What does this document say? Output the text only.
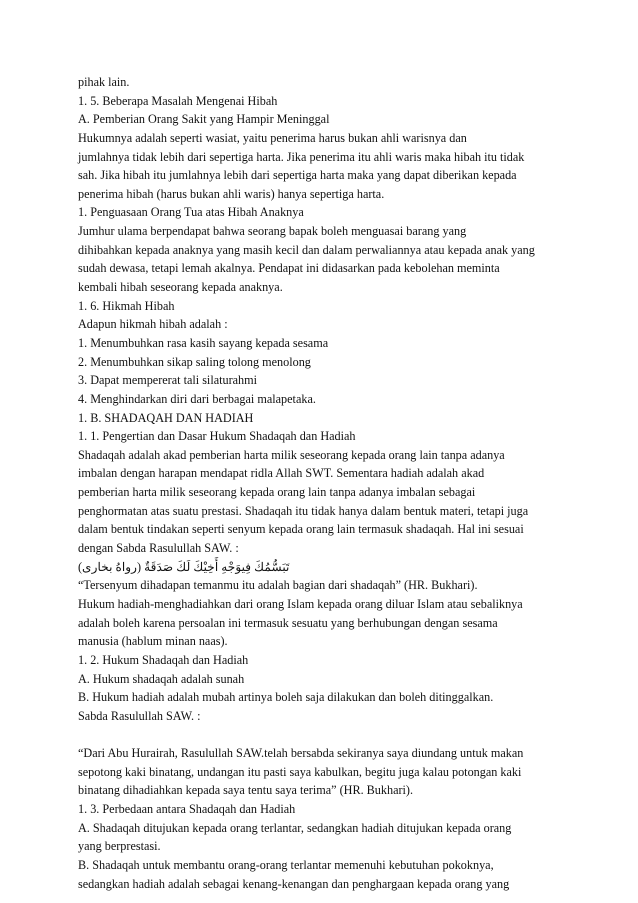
pihak lain.
1. 5. Beberapa Masalah Mengenai Hibah
A. Pemberian Orang Sakit yang Hampir Meninggal
Hukumnya adalah seperti wasiat, yaitu penerima harus bukan ahli warisnya dan
jumlahnya tidak lebih dari sepertiga harta. Jika penerima itu ahli waris maka hibah itu tidak
sah. Jika hibah itu jumlahnya lebih dari sepertiga harta maka yang dapat diberikan kepada
penerima hibah (harus bukan ahli waris) hanya sepertiga harta.
1. Penguasaan Orang Tua atas Hibah Anaknya
Jumhur ulama berpendapat bahwa seorang bapak boleh menguasai barang yang
dihibahkan kepada anaknya yang masih kecil dan dalam perwaliannya atau kepada anak yang
sudah dewasa, tetapi lemah akalnya. Pendapat ini didasarkan pada kebolehan meminta
kembali hibah seseorang kepada anaknya.
1. 6. Hikmah Hibah
Adapun hikmah hibah adalah :
1. Menumbuhkan rasa kasih sayang kepada sesama
2. Menumbuhkan sikap saling tolong menolong
3. Dapat mempererat tali silaturahmi
4. Menghindarkan diri dari berbagai malapetaka.
1. B. SHADAQAH DAN HADIAH
1. 1. Pengertian dan Dasar Hukum Shadaqah dan Hadiah
Shadaqah adalah akad pemberian harta milik seseorang kepada orang lain tanpa adanya
imbalan dengan harapan mendapat ridla Allah SWT. Sementara hadiah adalah akad
pemberian harta milik seseorang kepada orang lain tanpa adanya imbalan sebagai
penghormatan atas suatu prestasi. Shadaqah itu tidak hanya dalam bentuk materi, tetapi juga
dalam bentuk tindakan seperti senyum kepada orang lain termasuk shadaqah. Hal ini sesuai
dengan Sabda Rasulullah SAW. :
تَبَسُّمُكَ فِيوَجْهِ أَخِيْكَ لَكَ صَدَقَةٌ (رواهُ بخارى)
“Tersenyum dihadapan temanmu itu adalah bagian dari shadaqah” (HR. Bukhari).
Hukum hadiah-menghadiahkan dari orang Islam kepada orang diluar Islam atau sebaliknya
adalah boleh karena persoalan ini termasuk sesuatu yang berhubungan dengan sesama
manusia (hablum minan naas).
1. 2. Hukum Shadaqah dan Hadiah
A. Hukum shadaqah adalah sunah
B. Hukum hadiah adalah mubah artinya boleh saja dilakukan dan boleh ditinggalkan.
Sabda Rasulullah SAW. :
“Dari Abu Hurairah, Rasulullah SAW.telah bersabda sekiranya saya diundang untuk makan
sepotong kaki binatang, undangan itu pasti saya kabulkan, begitu juga kalau potongan kaki
binatang dihadiahkan kepada saya tentu saya terima” (HR. Bukhari).
1. 3. Perbedaan antara Shadaqah dan Hadiah
A. Shadaqah ditujukan kepada orang terlantar, sedangkan hadiah ditujukan kepada orang
yang berprestasi.
B. Shadaqah untuk membantu orang-orang terlantar memenuhi kebutuhan pokoknya,
sedangkan hadiah adalah sebagai kenang-kenangan dan penghargaan kepada orang yang
